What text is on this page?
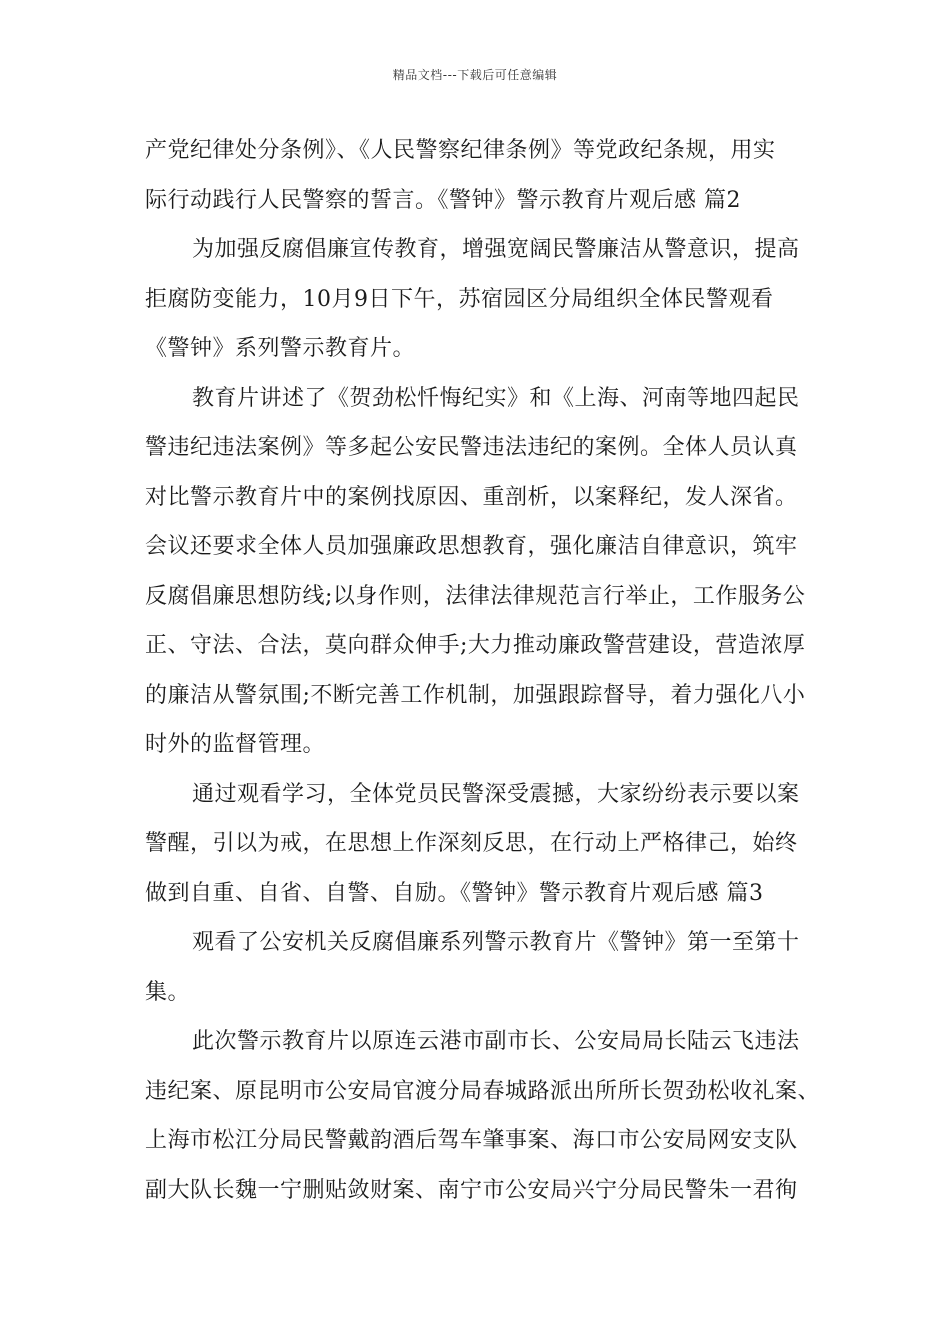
精品文档---下载后可任意编辑
产党纪律处分条例》、《人民警察纪律条例》等党政纪条规，用实
际行动践行人民警察的誓言。《警钟》警示教育片观后感 篇2
为加强反腐倡廉宣传教育，增强宽阔民警廉洁从警意识，提高
拒腐防变能力，10月9日下午，苏宿园区分局组织全体民警观看
《警钟》系列警示教育片。
教育片讲述了《贺劲松忏悔纪实》和《上海、河南等地四起民
警违纪违法案例》等多起公安民警违法违纪的案例。全体人员认真
对比警示教育片中的案例找原因、重剖析，以案释纪，发人深省。
会议还要求全体人员加强廉政思想教育，强化廉洁自律意识，筑牢
反腐倡廉思想防线;以身作则，法律法律规范言行举止，工作服务公
正、守法、合法，莫向群众伸手;大力推动廉政警营建设，营造浓厚
的廉洁从警氛围;不断完善工作机制，加强跟踪督导，着力强化八小
时外的监督管理。
通过观看学习，全体党员民警深受震撼，大家纷纷表示要以案
警醒，引以为戒，在思想上作深刻反思，在行动上严格律己，始终
做到自重、自省、自警、自励。《警钟》警示教育片观后感 篇3
观看了公安机关反腐倡廉系列警示教育片《警钟》第一至第十
集。
此次警示教育片以原连云港市副市长、公安局局长陆云飞违法
违纪案、原昆明市公安局官渡分局春城路派出所所长贺劲松收礼案、
上海市松江分局民警戴韵酒后驾车肇事案、海口市公安局网安支队
副大队长魏一宁删贴敛财案、南宁市公安局兴宁分局民警朱一君徇
